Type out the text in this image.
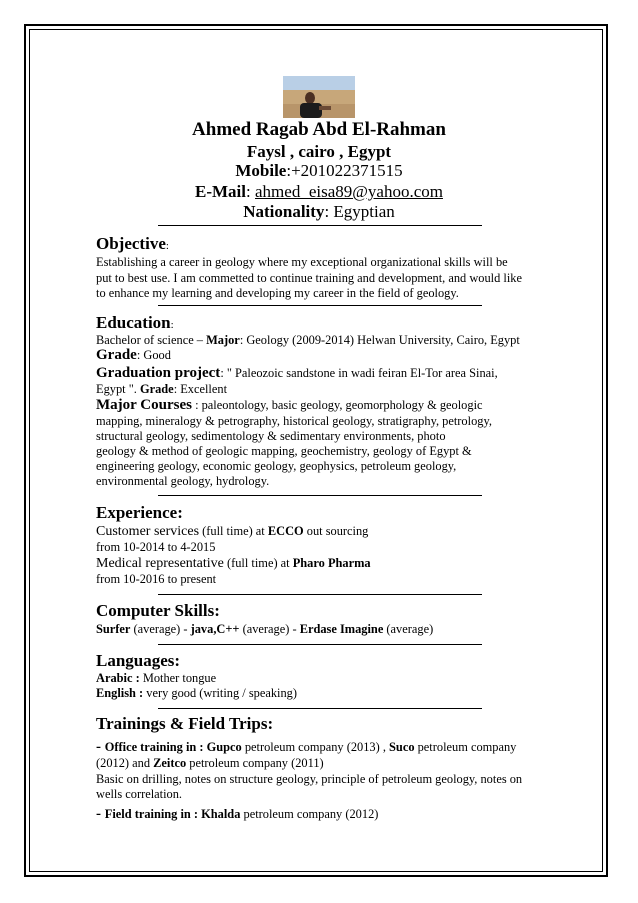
Ahmed Ragab Abd El-Rahman
Faysl , cairo , Egypt
Mobile:+201022371515
E-Mail: ahmed_eisa89@yahoo.com
Nationality: Egyptian
Objective:
Establishing a career in geology where my exceptional organizational skills will be
put to best use. I am commetted to continue training and development, and would like
to enhance my learning and developing my career in the field of geology.
Education:
Bachelor of science – Major: Geology (2009-2014) Helwan University, Cairo, Egypt
Grade: Good
Graduation project: " Paleozoic sandstone in wadi feiran El-Tor area Sinai,
Egypt ". Grade: Excellent
Major Courses : paleontology, basic geology, geomorphology & geologic
mapping, mineralogy & petrography, historical geology, stratigraphy, petrology,
structural geology, sedimentology & sedimentary environments, photo
geology & method of geologic mapping, geochemistry, geology of Egypt &
engineering geology, economic geology, geophysics, petroleum geology,
environmental geology, hydrology.
Experience:
Customer services (full time) at ECCO out sourcing
from 10-2014 to 4-2015
Medical representative (full time) at Pharo Pharma
from 10-2016 to present
Computer Skills:
Surfer (average) - java,C++ (average) - Erdase Imagine (average)
Languages:
Arabic : Mother tongue
English : very good (writing / speaking)
Trainings & Field Trips:
- Office training in : Gupco petroleum company (2013) , Suco petroleum company
(2012) and Zeitco petroleum company (2011)
Basic on drilling, notes on structure geology, principle of petroleum geology, notes on
wells correlation.
- Field training in : Khalda petroleum company (2012)
